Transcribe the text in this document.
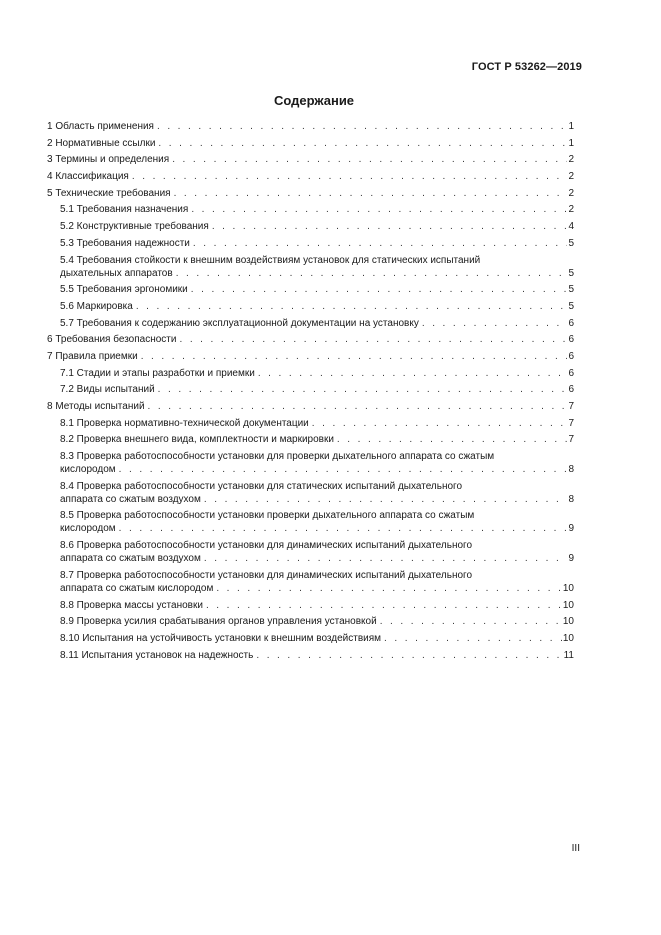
ГОСТ Р 53262—2019
Содержание
1 Область применения . . .	1
2 Нормативные ссылки . . .	1
3 Термины и определения . . .	2
4 Классификация . . .	2
5 Технические требования . . .	2
5.1 Требования назначения . . .	2
5.2 Конструктивные требования . . .	4
5.3 Требования надежности . . .	5
5.4 Требования стойкости к внешним воздействиям установок для статических испытаний
дыхательных аппаратов . . .	5
5.5 Требования эргономики . . .	5
5.6 Маркировка . . .	5
5.7 Требования к содержанию эксплуатационной документации на установку . . .	6
6 Требования безопасности . . .	6
7 Правила приемки . . .	6
7.1 Стадии и этапы разработки и приемки . . .	6
7.2 Виды испытаний . . .	6
8 Методы испытаний . . .	7
8.1 Проверка нормативно-технической документации . . .	7
8.2 Проверка внешнего вида, комплектности и маркировки . . .	7
8.3 Проверка работоспособности установки для проверки дыхательного аппарата со сжатым
кислородом . . .	8
8.4 Проверка работоспособности установки для статических испытаний дыхательного
аппарата со сжатым воздухом . . .	8
8.5 Проверка работоспособности установки проверки дыхательного аппарата со сжатым
кислородом . . .	9
8.6 Проверка работоспособности установки для динамических испытаний дыхательного
аппарата со сжатым воздухом . . .	9
8.7 Проверка работоспособности установки для динамических испытаний дыхательного
аппарата со сжатым кислородом . . .	10
8.8 Проверка массы установки . . .	10
8.9 Проверка усилия срабатывания органов управления установкой . . .	10
8.10 Испытания на устойчивость установки к внешним воздействиям . . .	10
8.11 Испытания установок на надежность . . .	11
III
